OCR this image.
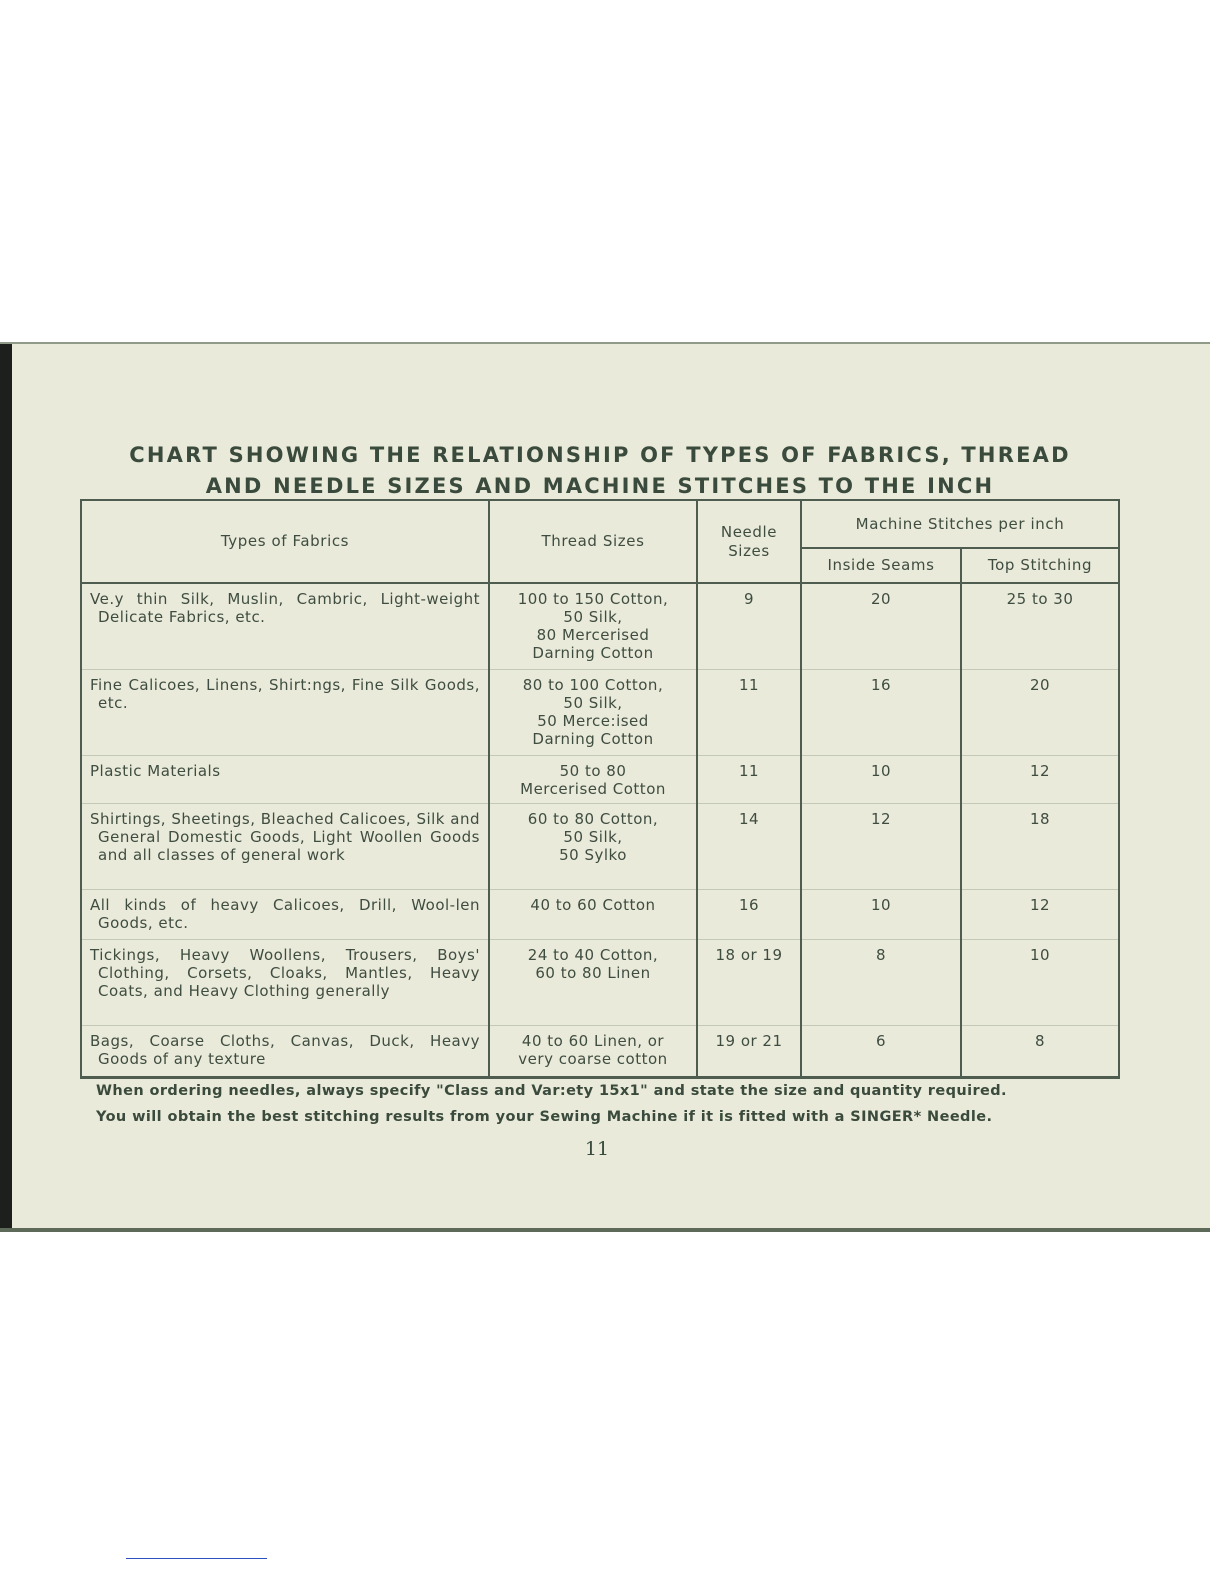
CHART SHOWING THE RELATIONSHIP OF TYPES OF FABRICS, THREAD
AND NEEDLE SIZES AND MACHINE STITCHES TO THE INCH
Types of Fabrics	Thread Sizes	Needle Sizes	Machine Stitches per inch	
			Inside Seams	Top Stitching

Ve.y thin Silk, Muslin, Cambric, Light-weight Delicate Fabrics, etc.	100 to 150 Cotton,
50 Silk,
80 Mercerised
Darning Cotton	9	20	25 to 30

Fine Calicoes, Linens, Shirt:ngs, Fine Silk Goods, etc.	80 to 100 Cotton,
50 Silk,
50 Merce:ised
Darning Cotton	11	16	20

Plastic Materials	50 to 80
Mercerised Cotton	11	10	12

Shirtings, Sheetings, Bleached Calicoes, Silk and General Domestic Goods, Light Woollen Goods and all classes of general work	60 to 80 Cotton,
50 Silk,
50 Sylko	14	12	18

All kinds of heavy Calicoes, Drill, Wool-len Goods, etc.	40 to 60 Cotton	16	10	12

Tickings, Heavy Woollens, Trousers, Boys' Clothing, Corsets, Cloaks, Mantles, Heavy Coats, and Heavy Clothing generally	24 to 40 Cotton,
60 to 80 Linen	18 or 19	8	10

Bags, Coarse Cloths, Canvas, Duck, Heavy Goods of any texture	40 to 60 Linen, or
very coarse cotton	19 or 21	6	8
When ordering needles, always specify "Class and Var:ety 15x1" and state the size and quantity required.
You will obtain the best stitching results from your Sewing Machine if it is fitted with a SINGER* Needle.
11
